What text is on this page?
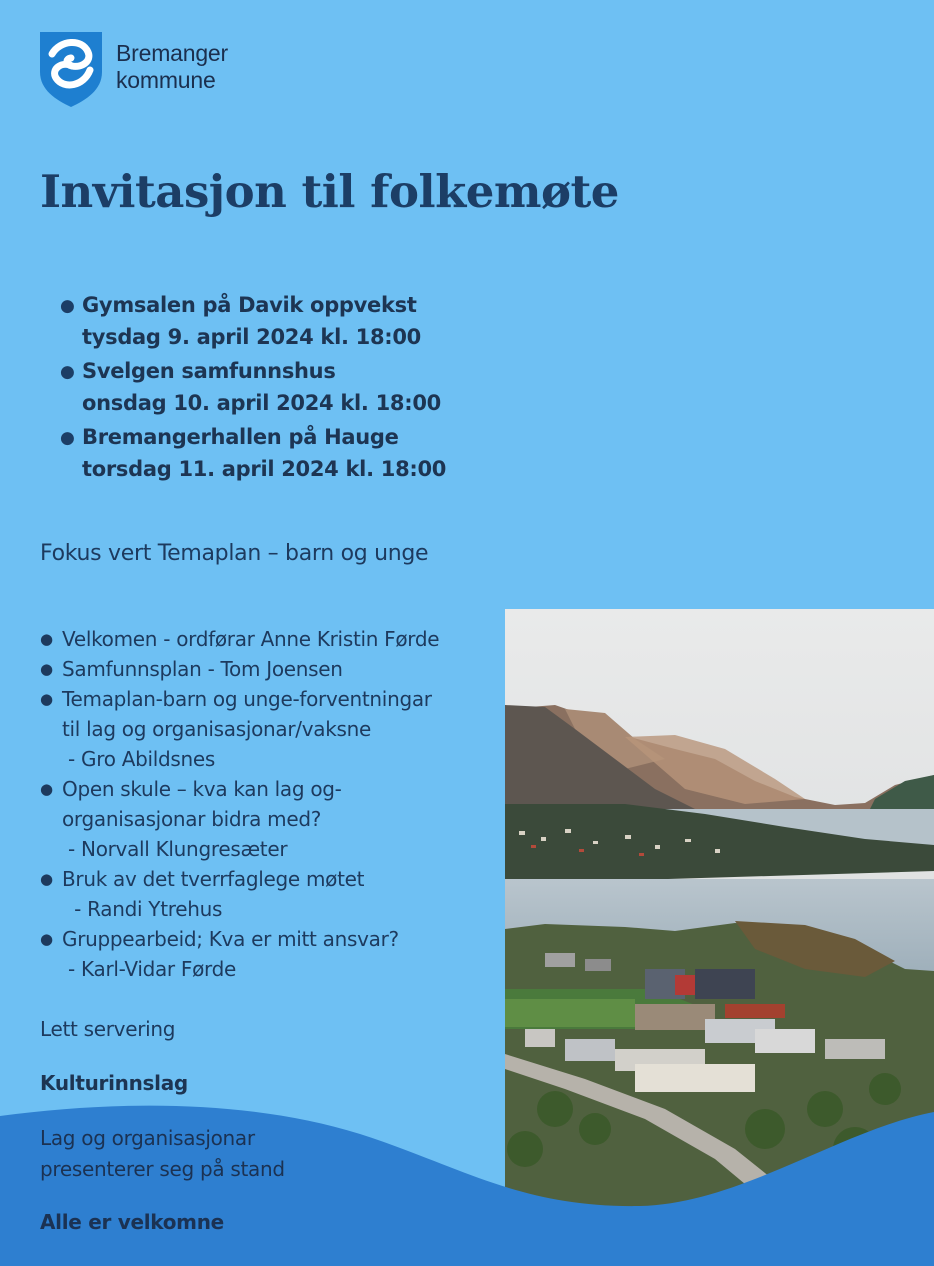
Bremanger
kommune
Invitasjon til folkemøte
● Gymsalen på Davik oppvekst
tysdag 9. april 2024 kl. 18:00
● Svelgen samfunnshus
onsdag 10. april 2024 kl. 18:00
● Bremangerhallen på Hauge
torsdag 11. april 2024 kl. 18:00
Fokus vert Temaplan – barn og unge
● Velkomen - ordførar Anne Kristin Førde
● Samfunnsplan - Tom Joensen
● Temaplan-barn og unge-forventningar
til lag og organisasjonar/vaksne
- Gro Abildsnes
● Open skule – kva kan lag og-
organisasjonar bidra med?
- Norvall Klungresæter
● Bruk av det tverrfaglege møtet
- Randi Ytrehus
● Gruppearbeid; Kva er mitt ansvar?
- Karl-Vidar Førde
Lett servering
Kulturinnslag
Lag og organisasjonar
presenterer seg på stand
Alle er velkomne
